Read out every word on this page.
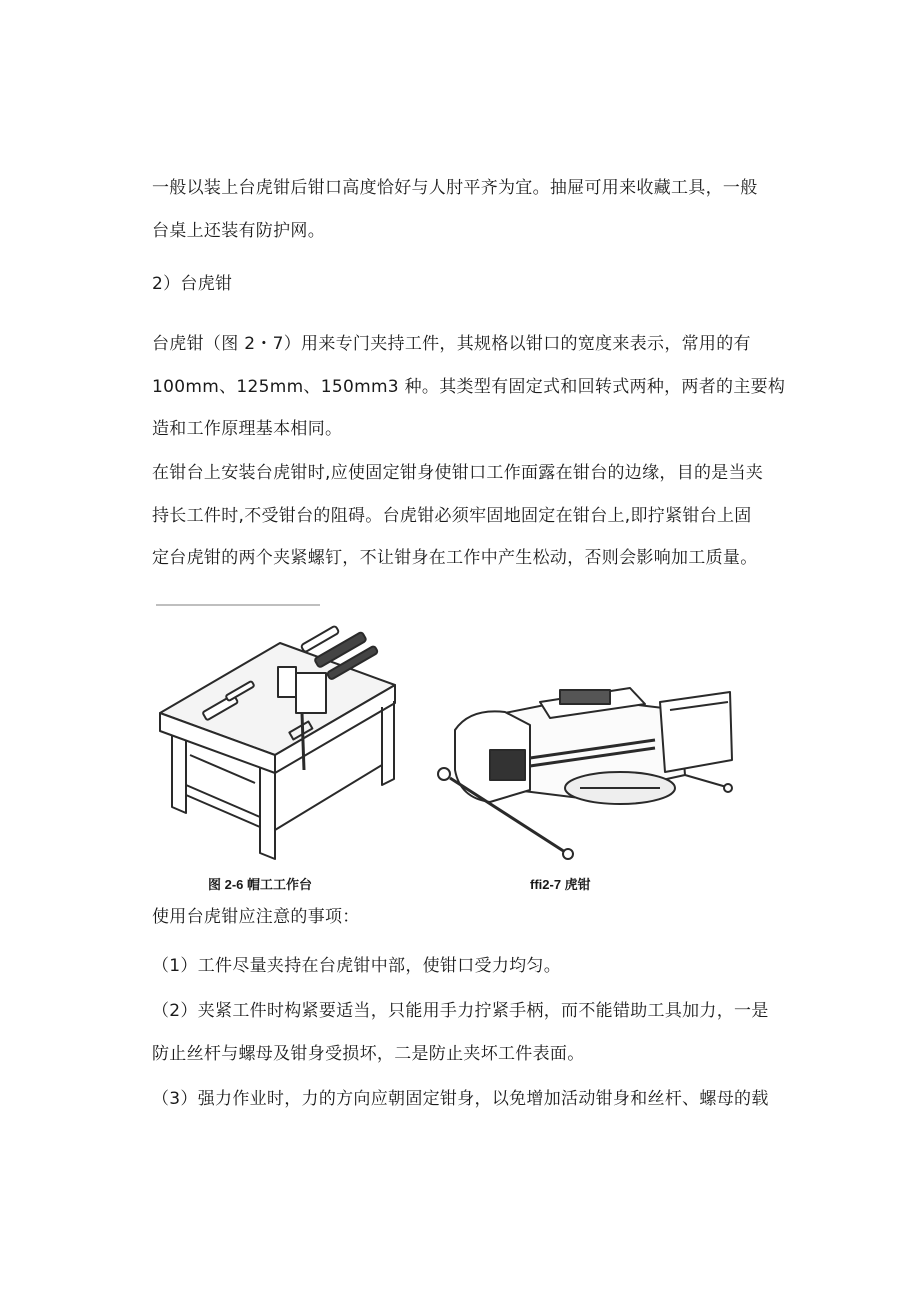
一般以装上台虎钳后钳口高度恰好与人肘平齐为宜。抽屉可用来收藏工具，一般
台桌上还装有防护网。
2）台虎钳
台虎钳（图 2・7）用来专门夹持工件，其规格以钳口的宽度来表示，常用的有
100mm、125mm、150mm3 种。其类型有固定式和回转式两种，两者的主要构
造和工作原理基本相同。
在钳台上安装台虎钳时,应使固定钳身使钳口工作面露在钳台的边缘，目的是当夹
持长工件时,不受钳台的阻碍。台虎钳必须牢固地固定在钳台上,即拧紧钳台上固
定台虎钳的两个夹紧螺钉，不让钳身在工作中产生松动，否则会影响加工质量。
图 2-6 帽工工作台	ffi2-7 虎钳
使用台虎钳应注意的事项：
（1）工件尽量夹持在台虎钳中部，使钳口受力均匀。
（2）夹紧工件时构紧要适当，只能用手力拧紧手柄，而不能错助工具加力，一是
防止丝杆与螺母及钳身受损坏，二是防止夹坏工件表面。
（3）强力作业时，力的方向应朝固定钳身，以免增加活动钳身和丝杆、螺母的载
